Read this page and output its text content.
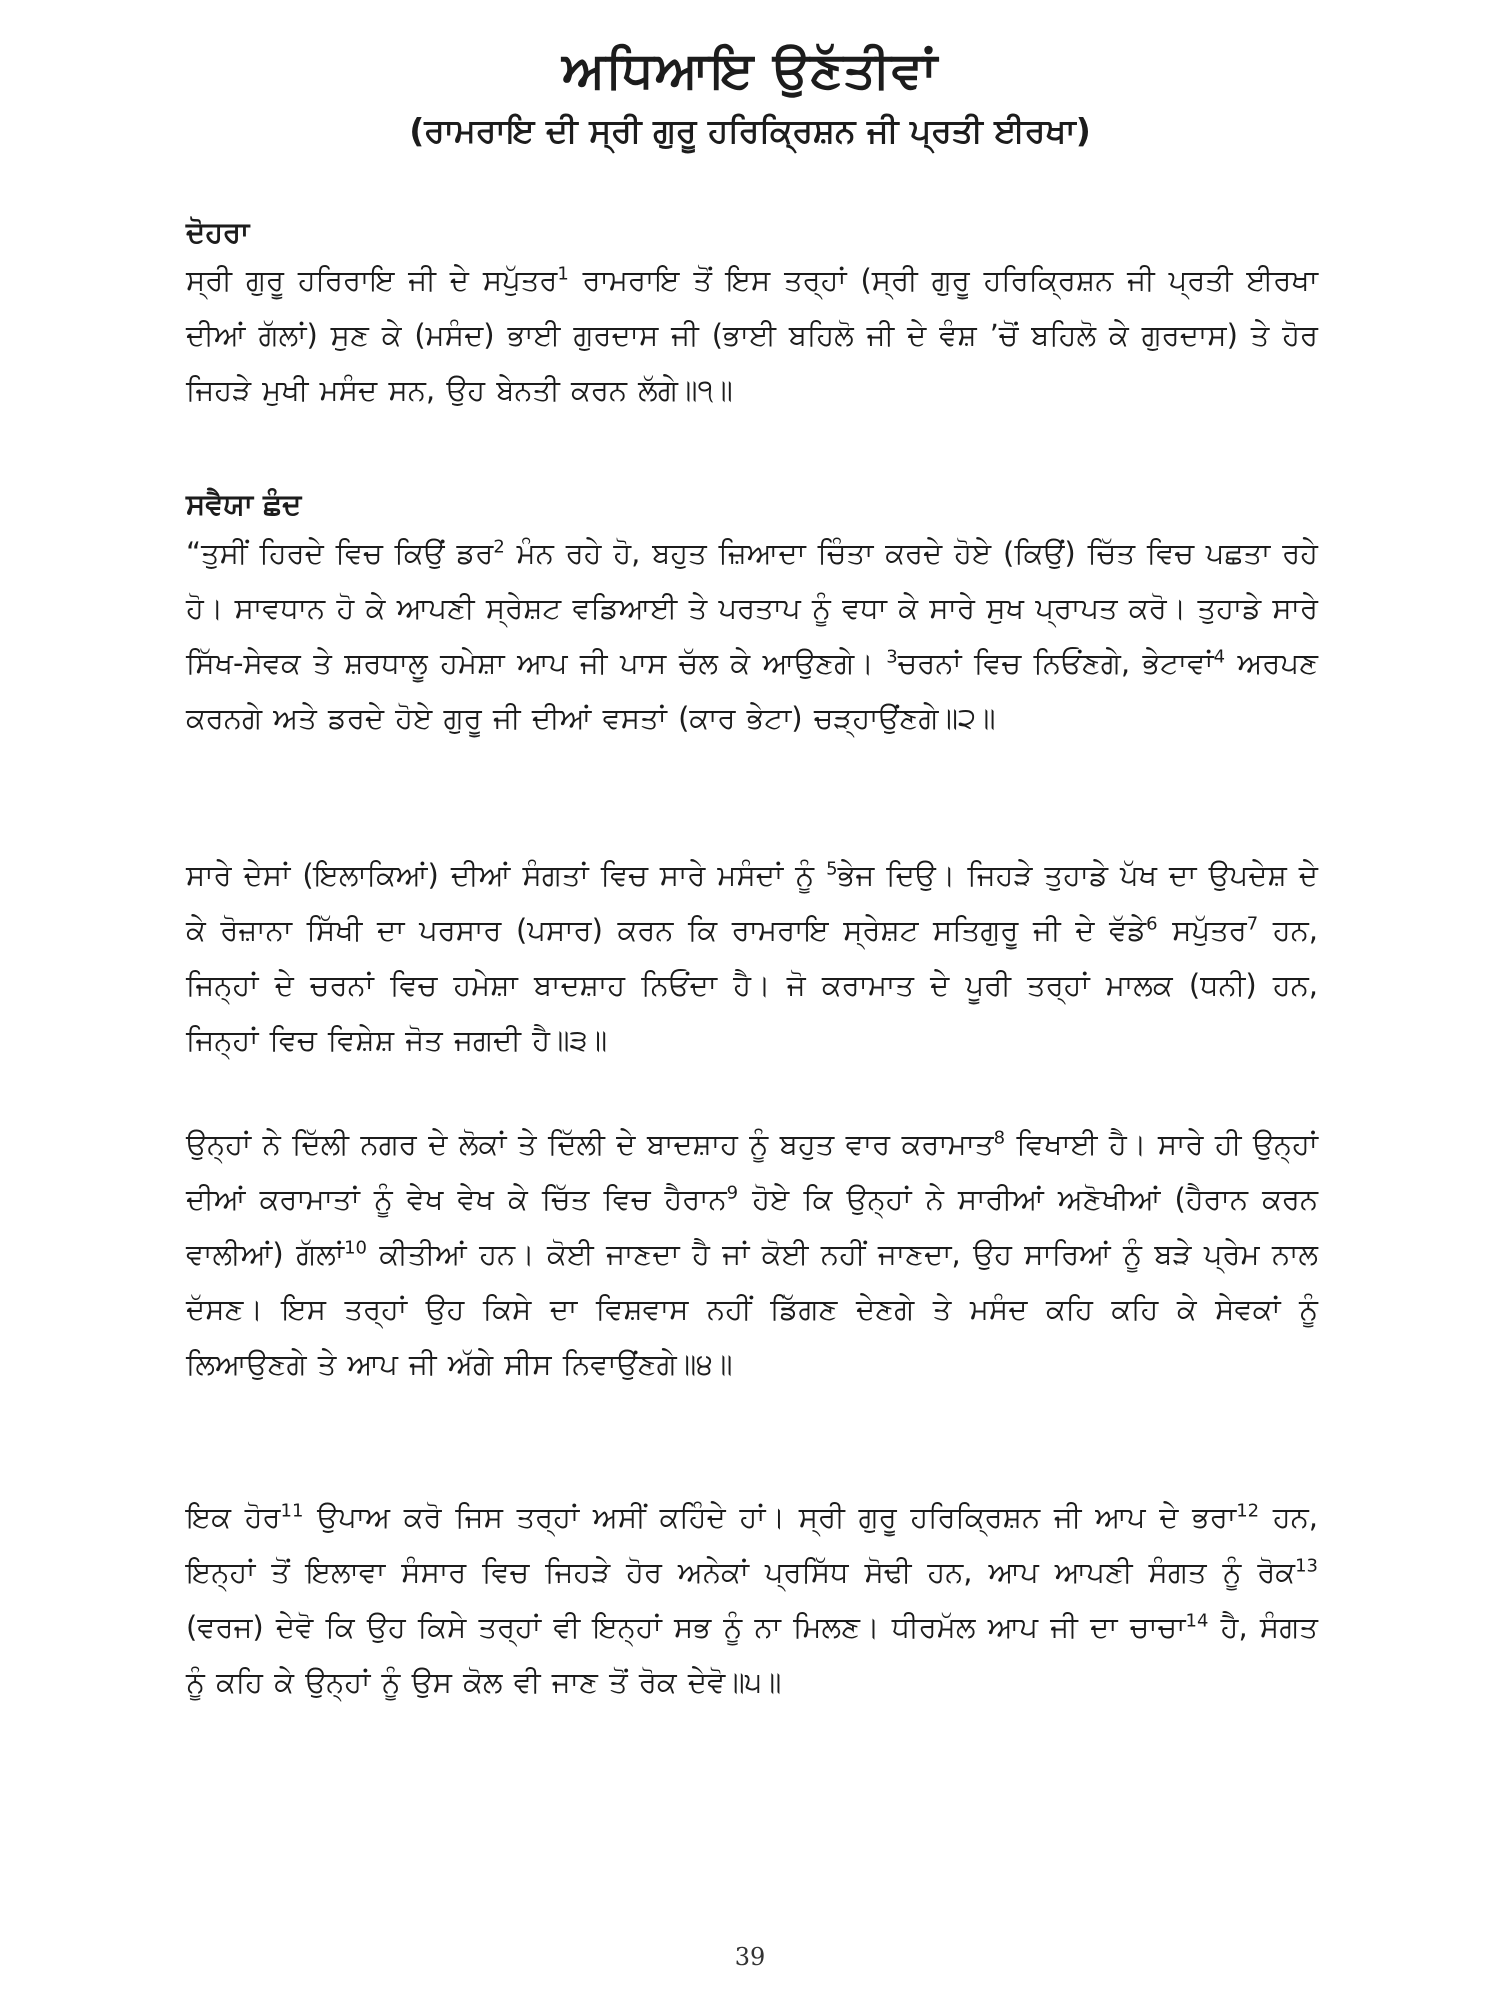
ਅਧਿਆਇ ਉਣੱਤੀਵਾਂ
(ਰਾਮਰਾਇ ਦੀ ਸ੍ਰੀ ਗੁਰੂ ਹਰਿਕ੍ਰਿਸ਼ਨ ਜੀ ਪ੍ਰਤੀ ਈਰਖਾ)
ਦੋਹਰਾ
ਸ੍ਰੀ ਗੁਰੂ ਹਰਿਰਾਇ ਜੀ ਦੇ ਸਪੁੱਤਰ$^1$ ਰਾਮਰਾਇ ਤੋਂ ਇਸ ਤਰ੍ਹਾਂ (ਸ੍ਰੀ ਗੁਰੂ ਹਰਿਕ੍ਰਿਸ਼ਨ ਜੀ ਪ੍ਰਤੀ ਈਰਖਾ ਦੀਆਂ ਗੱਲਾਂ) ਸੁਣ ਕੇ (ਮਸੰਦ) ਭਾਈ ਗੁਰਦਾਸ ਜੀ (ਭਾਈ ਬਹਿਲੋ ਜੀ ਦੇ ਵੰਸ਼ ’ਚੋਂ ਬਹਿਲੋ ਕੇ ਗੁਰਦਾਸ) ਤੇ ਹੋਰ ਜਿਹੜੇ ਮੁਖੀ ਮਸੰਦ ਸਨ, ਉਹ ਬੇਨਤੀ ਕਰਨ ਲੱਗੇ॥੧॥
ਸਵੈਯਾ ਛੰਦ
“ਤੁਸੀਂ ਹਿਰਦੇ ਵਿਚ ਕਿਉਂ ਡਰ$^2$ ਮੰਨ ਰਹੇ ਹੋ, ਬਹੁਤ ਜ਼ਿਆਦਾ ਚਿੰਤਾ ਕਰਦੇ ਹੋਏ (ਕਿਉਂ) ਚਿੱਤ ਵਿਚ ਪਛਤਾ ਰਹੇ ਹੋ। ਸਾਵਧਾਨ ਹੋ ਕੇ ਆਪਣੀ ਸ੍ਰੇਸ਼ਟ ਵਡਿਆਈ ਤੇ ਪਰਤਾਪ ਨੂੰ ਵਧਾ ਕੇ ਸਾਰੇ ਸੁਖ ਪ੍ਰਾਪਤ ਕਰੋ। ਤੁਹਾਡੇ ਸਾਰੇ ਸਿੱਖ-ਸੇਵਕ ਤੇ ਸ਼ਰਧਾਲੂ ਹਮੇਸ਼ਾ ਆਪ ਜੀ ਪਾਸ ਚੱਲ ਕੇ ਆਉਣਗੇ। $^3$ਚਰਨਾਂ ਵਿਚ ਨਿਓਂਣਗੇ, ਭੇਟਾਵਾਂ$^4$ ਅਰਪਣ ਕਰਨਗੇ ਅਤੇ ਡਰਦੇ ਹੋਏ ਗੁਰੂ ਜੀ ਦੀਆਂ ਵਸਤਾਂ (ਕਾਰ ਭੇਟਾ) ਚੜ੍ਹਾਉਂਣਗੇ॥੨॥
ਸਾਰੇ ਦੇਸਾਂ (ਇਲਾਕਿਆਂ) ਦੀਆਂ ਸੰਗਤਾਂ ਵਿਚ ਸਾਰੇ ਮਸੰਦਾਂ ਨੂੰ $^5$ਭੇਜ ਦਿਉ। ਜਿਹੜੇ ਤੁਹਾਡੇ ਪੱਖ ਦਾ ਉਪਦੇਸ਼ ਦੇ ਕੇ ਰੋਜ਼ਾਨਾ ਸਿੱਖੀ ਦਾ ਪਰਸਾਰ (ਪਸਾਰ) ਕਰਨ ਕਿ ਰਾਮਰਾਇ ਸ੍ਰੇਸ਼ਟ ਸਤਿਗੁਰੂ ਜੀ ਦੇ ਵੱਡੇ$^6$ ਸਪੁੱਤਰ$^7$ ਹਨ, ਜਿਨ੍ਹਾਂ ਦੇ ਚਰਨਾਂ ਵਿਚ ਹਮੇਸ਼ਾ ਬਾਦਸ਼ਾਹ ਨਿਓਂਦਾ ਹੈ। ਜੋ ਕਰਾਮਾਤ ਦੇ ਪੂਰੀ ਤਰ੍ਹਾਂ ਮਾਲਕ (ਧਨੀ) ਹਨ, ਜਿਨ੍ਹਾਂ ਵਿਚ ਵਿਸ਼ੇਸ਼ ਜੋਤ ਜਗਦੀ ਹੈ॥੩॥
ਉਨ੍ਹਾਂ ਨੇ ਦਿੱਲੀ ਨਗਰ ਦੇ ਲੋਕਾਂ ਤੇ ਦਿੱਲੀ ਦੇ ਬਾਦਸ਼ਾਹ ਨੂੰ ਬਹੁਤ ਵਾਰ ਕਰਾਮਾਤ$^8$ ਵਿਖਾਈ ਹੈ। ਸਾਰੇ ਹੀ ਉਨ੍ਹਾਂ ਦੀਆਂ ਕਰਾਮਾਤਾਂ ਨੂੰ ਵੇਖ ਵੇਖ ਕੇ ਚਿੱਤ ਵਿਚ ਹੈਰਾਨ$^9$ ਹੋਏ ਕਿ ਉਨ੍ਹਾਂ ਨੇ ਸਾਰੀਆਂ ਅਣੋਖੀਆਂ (ਹੈਰਾਨ ਕਰਨ ਵਾਲੀਆਂ) ਗੱਲਾਂ$^{10}$ ਕੀਤੀਆਂ ਹਨ। ਕੋਈ ਜਾਣਦਾ ਹੈ ਜਾਂ ਕੋਈ ਨਹੀਂ ਜਾਣਦਾ, ਉਹ ਸਾਰਿਆਂ ਨੂੰ ਬੜੇ ਪ੍ਰੇਮ ਨਾਲ ਦੱਸਣ। ਇਸ ਤਰ੍ਹਾਂ ਉਹ ਕਿਸੇ ਦਾ ਵਿਸ਼ਵਾਸ ਨਹੀਂ ਡਿੱਗਣ ਦੇਣਗੇ ਤੇ ਮਸੰਦ ਕਹਿ ਕਹਿ ਕੇ ਸੇਵਕਾਂ ਨੂੰ ਲਿਆਉਣਗੇ ਤੇ ਆਪ ਜੀ ਅੱਗੇ ਸੀਸ ਨਿਵਾਉਂਣਗੇ॥੪॥
ਇਕ ਹੋਰ$^{11}$ ਉਪਾਅ ਕਰੋ ਜਿਸ ਤਰ੍ਹਾਂ ਅਸੀਂ ਕਹਿੰਦੇ ਹਾਂ। ਸ੍ਰੀ ਗੁਰੂ ਹਰਿਕ੍ਰਿਸ਼ਨ ਜੀ ਆਪ ਦੇ ਭਰਾ$^{12}$ ਹਨ, ਇਨ੍ਹਾਂ ਤੋਂ ਇਲਾਵਾ ਸੰਸਾਰ ਵਿਚ ਜਿਹੜੇ ਹੋਰ ਅਨੇਕਾਂ ਪ੍ਰਸਿੱਧ ਸੋਢੀ ਹਨ, ਆਪ ਆਪਣੀ ਸੰਗਤ ਨੂੰ ਰੋਕ$^{13}$ (ਵਰਜ) ਦੇਵੋ ਕਿ ਉਹ ਕਿਸੇ ਤਰ੍ਹਾਂ ਵੀ ਇਨ੍ਹਾਂ ਸਭ ਨੂੰ ਨਾ ਮਿਲਣ। ਧੀਰਮੱਲ ਆਪ ਜੀ ਦਾ ਚਾਚਾ$^{14}$ ਹੈ, ਸੰਗਤ ਨੂੰ ਕਹਿ ਕੇ ਉਨ੍ਹਾਂ ਨੂੰ ਉਸ ਕੋਲ ਵੀ ਜਾਣ ਤੋਂ ਰੋਕ ਦੇਵੋ॥੫॥
39
